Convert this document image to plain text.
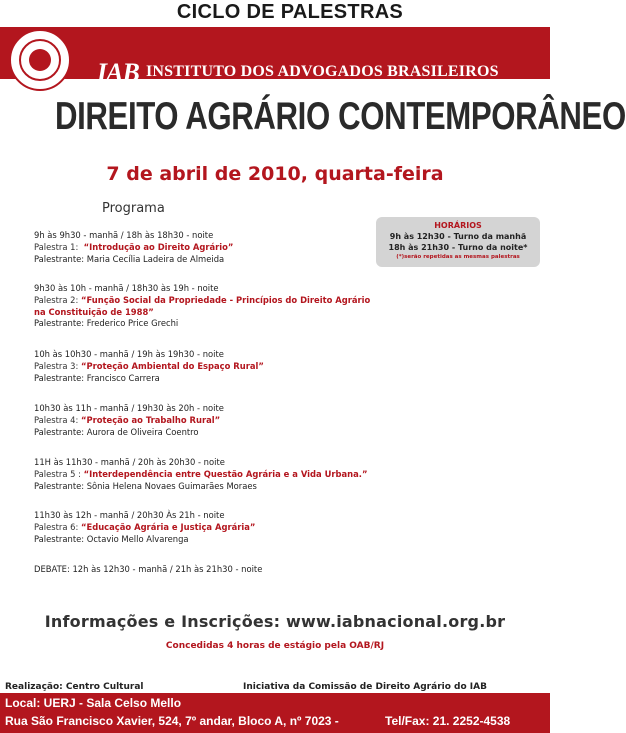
CICLO DE PALESTRAS
FUNDADO EM 1843
IAB INSTITUTO DOS ADVOGADOS BRASILEIROS
O IAB NÃO TEM IDADE. TEM HISTÓRIA.
DIREITO AGRÁRIO CONTEMPORÂNEO
7 de abril de 2010, quarta-feira
Programa
HORÁRIOS
9h às 12h30 - Turno da manhã
18h às 21h30 - Turno da noite*
(*)serão repetidas as mesmas palestras
9h às 9h30 - manhã / 18h às 18h30 - noite
Palestra 1: “Introdução ao Direito Agrário”
Palestrante: Maria Cecília Ladeira de Almeida
9h30 às 10h - manhã / 18h30 às 19h - noite
Palestra 2: “Função Social da Propriedade - Princípios do Direito Agrário na Constituição de 1988”
Palestrante: Frederico Price Grechi
10h às 10h30 - manhã / 19h às 19h30 - noite
Palestra 3: “Proteção Ambiental do Espaço Rural”
Palestrante: Francisco Carrera
10h30 às 11h - manhã / 19h30 às 20h - noite
Palestra 4: “Proteção ao Trabalho Rural”
Palestrante: Aurora de Oliveira Coentro
11H às 11h30 - manhã / 20h às 20h30 - noite
Palestra 5 : “Interdependência entre Questão Agrária e a Vida Urbana.”
Palestrante: Sônia Helena Novaes Guimarães Moraes
11h30 às 12h - manhã / 20h30 Às 21h - noite
Palestra 6: “Educação Agrária e Justiça Agrária”
Palestrante: Octavio Mello Alvarenga
DEBATE: 12h às 12h30 - manhã / 21h às 21h30 - noite
Informações e Inscrições: www.iabnacional.org.br
Concedidas 4 horas de estágio pela OAB/RJ
Realização: Centro Cultural	Iniciativa da Comissão de Direito Agrário do IAB
Local: UERJ - Sala Celso Mello
Rua São Francisco Xavier, 524, 7º andar, Bloco A, nº 7023 -	Tel/Fax: 21. 2252-4538
